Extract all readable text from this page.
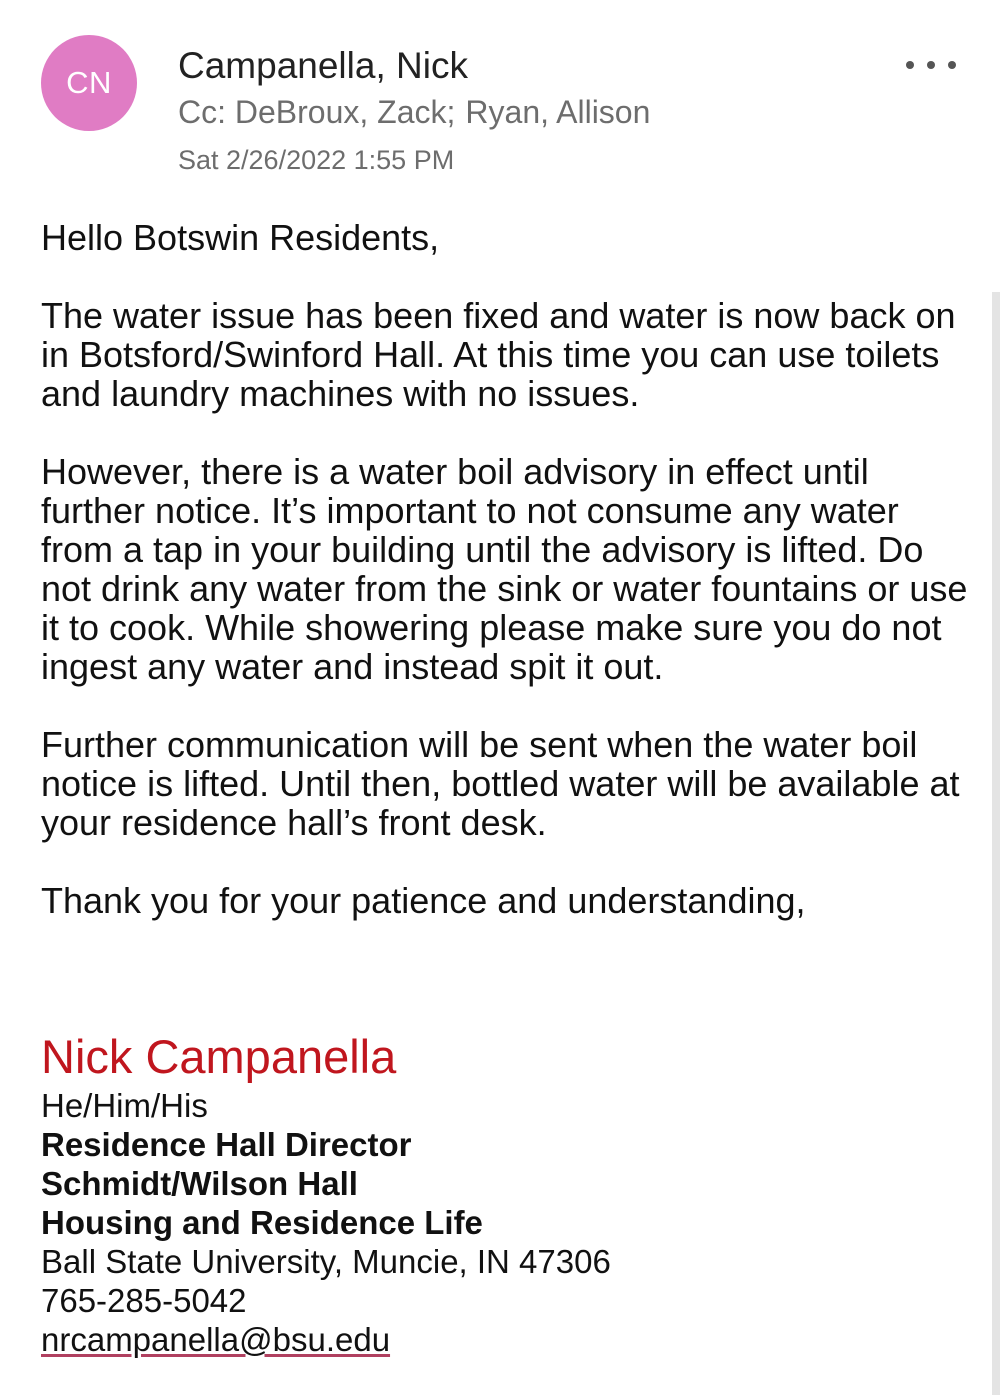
CN Campanella, Nick
Cc: DeBroux, Zack; Ryan, Allison
Sat 2/26/2022 1:55 PM

Hello Botswin Residents,

The water issue has been fixed and water is now back on in Botsford/Swinford Hall. At this time you can use toilets and laundry machines with no issues.

However, there is a water boil advisory in effect until further notice. It’s important to not consume any water from a tap in your building until the advisory is lifted. Do not drink any water from the sink or water fountains or use it to cook. While showering please make sure you do not ingest any water and instead spit it out.

Further communication will be sent when the water boil notice is lifted. Until then, bottled water will be available at your residence hall’s front desk.

Thank you for your patience and understanding,

Nick Campanella
He/Him/His
Residence Hall Director
Schmidt/Wilson Hall
Housing and Residence Life
Ball State University, Muncie, IN 47306
765-285-5042
nrcampanella@bsu.edu
